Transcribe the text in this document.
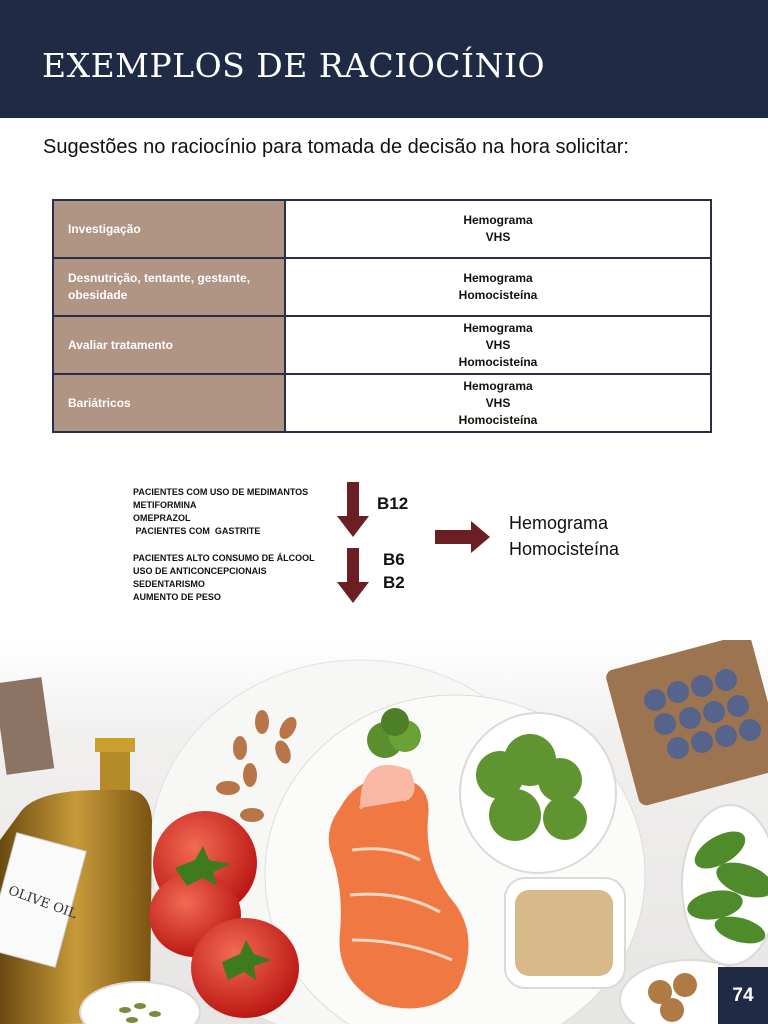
EXEMPLOS DE RACIOCÍNIO

Sugestões no raciocínio para tomada de decisão na hora solicitar:

Investigação	Hemograma
VHS

Desnutrição, tentante, gestante, obesidade	Hemograma
Homocisteína

Avaliar tratamento	Hemograma
VHS
Homocisteína

Bariátricos	Hemograma
VHS
Homocisteína
PACIENTES COM USO DE MEDIMANTOS
METIFORMINA
OMEPRAZOL
PACIENTES COM  GASTRITE
PACIENTES ALTO CONSUMO DE ÁLCOOL
USO DE ANTICONCEPCIONAIS
SEDENTARISMO
AUMENTO DE PESO
B12
B6
B2
Hemograma
Homocisteína
OLIVE OIL
74
